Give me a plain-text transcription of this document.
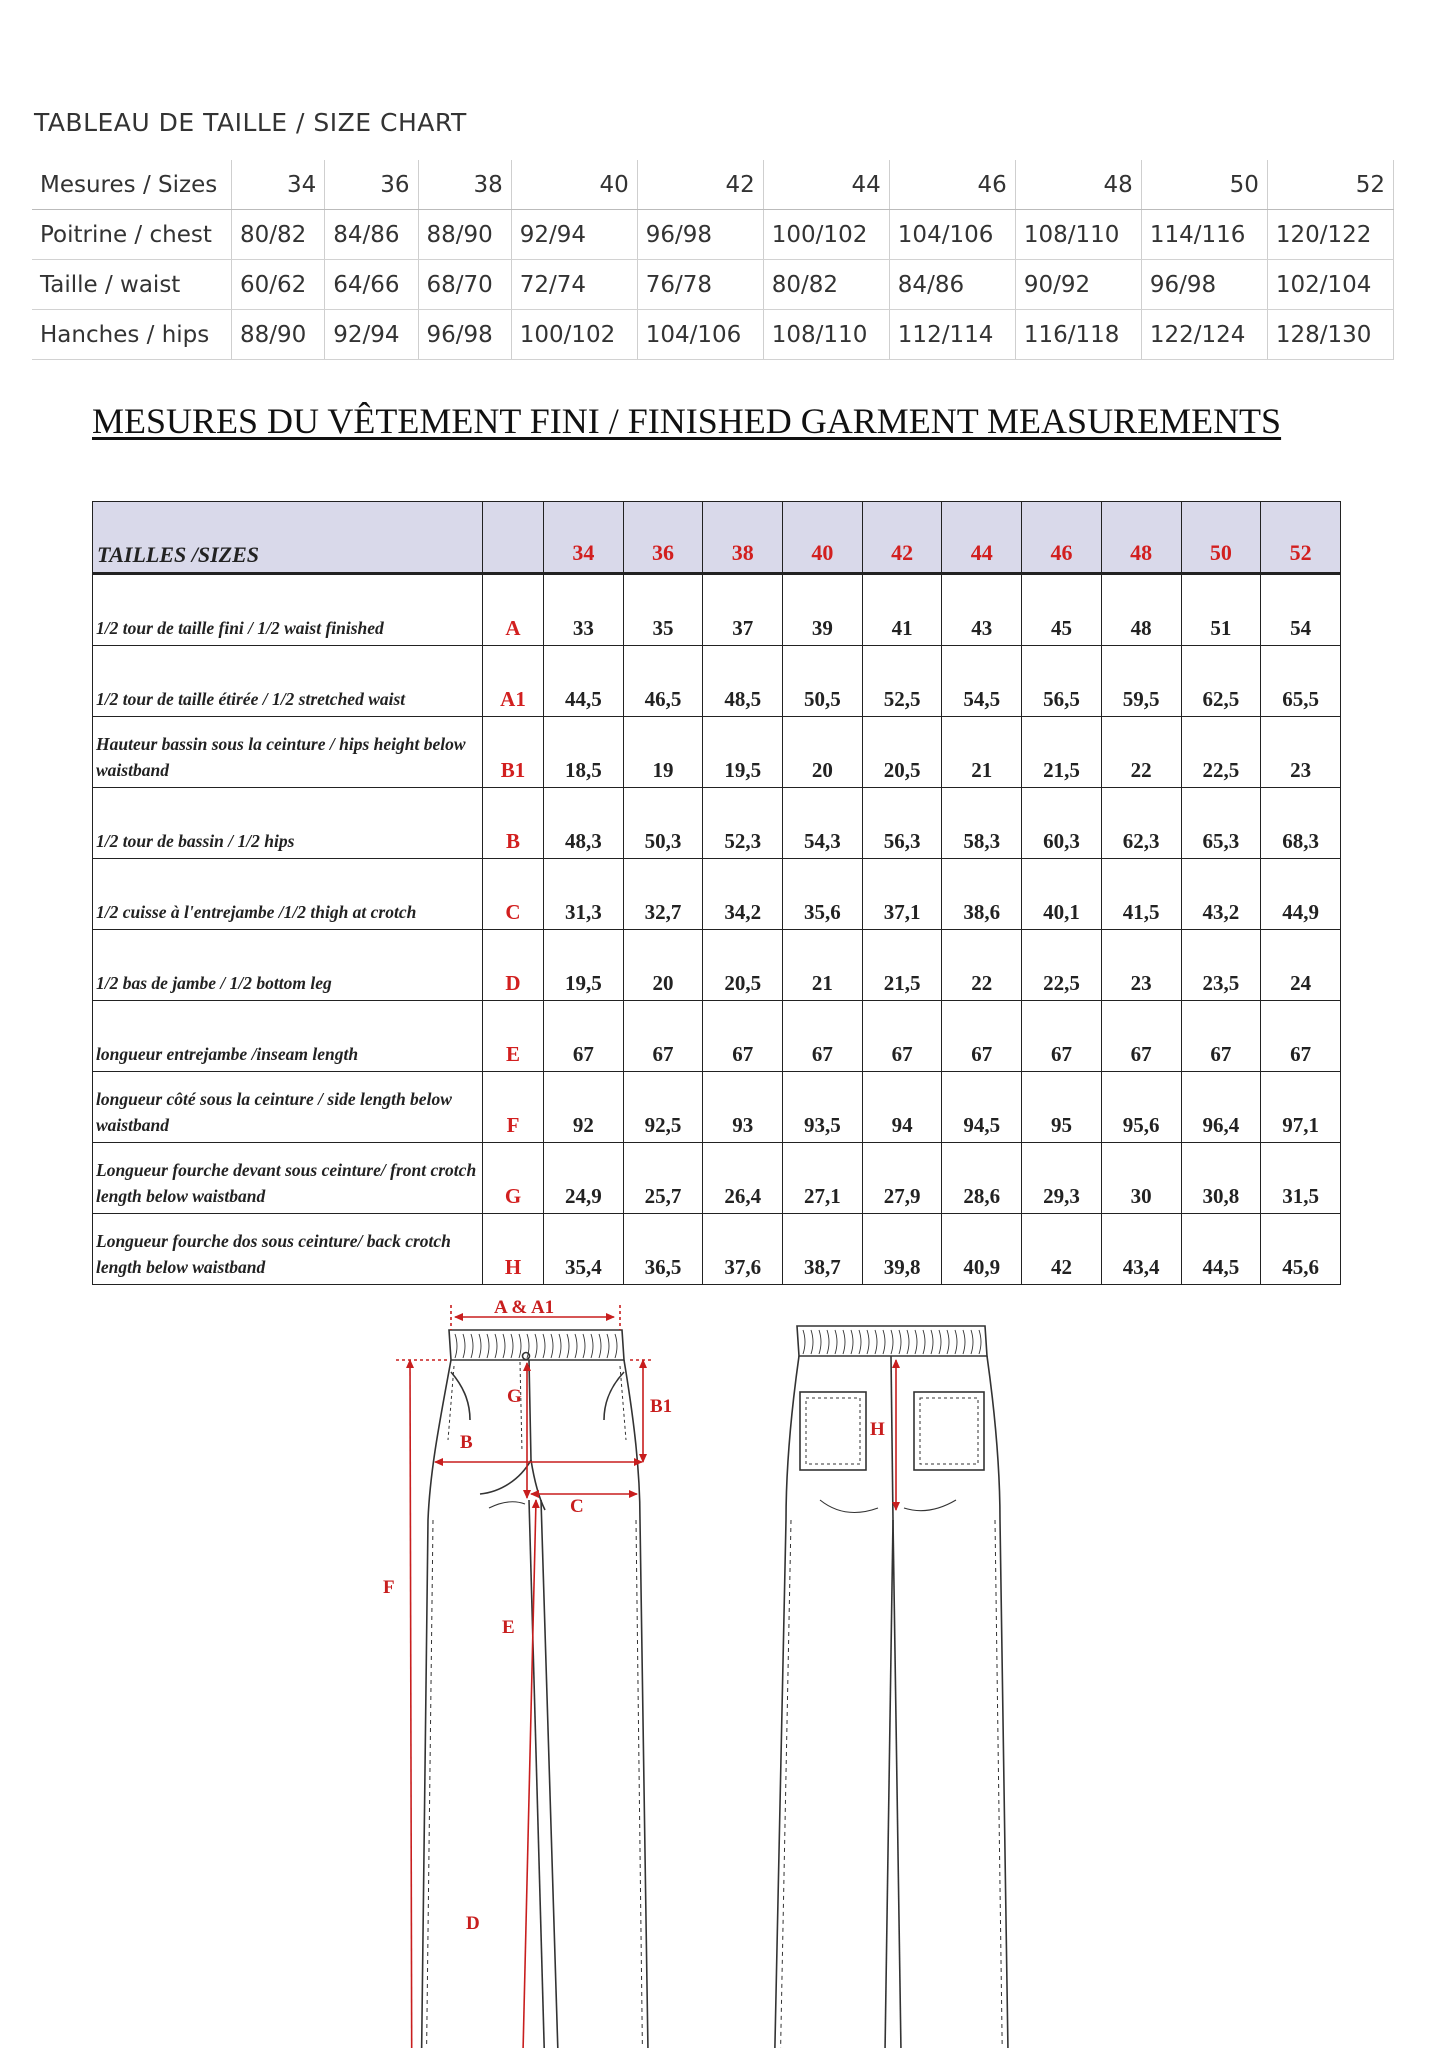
TABLEAU DE TAILLE / SIZE CHART
Mesures / Sizes	34	36	38	40	42	44	46	48	50	52
Poitrine / chest	80/82	84/86	88/90	92/94	96/98	100/102	104/106	108/110	114/116	120/122
Taille / waist	60/62	64/66	68/70	72/74	76/78	80/82	84/86	90/92	96/98	102/104
Hanches / hips	88/90	92/94	96/98	100/102	104/106	108/110	112/114	116/118	122/124	128/130
MESURES DU VÊTEMENT FINI / FINISHED GARMENT MEASUREMENTS
TAILLES /SIZES		34	36	38	40	42	44	46	48	50	52
1/2 tour de taille fini / 1/2 waist finished	A	33	35	37	39	41	43	45	48	51	54
1/2 tour de taille étirée / 1/2 stretched waist	A1	44,5	46,5	48,5	50,5	52,5	54,5	56,5	59,5	62,5	65,5
Hauteur bassin sous la ceinture / hips height below waistband	B1	18,5	19	19,5	20	20,5	21	21,5	22	22,5	23
1/2 tour de bassin / 1/2 hips	B	48,3	50,3	52,3	54,3	56,3	58,3	60,3	62,3	65,3	68,3
1/2 cuisse à l'entrejambe /1/2 thigh at crotch	C	31,3	32,7	34,2	35,6	37,1	38,6	40,1	41,5	43,2	44,9
1/2 bas de jambe / 1/2 bottom leg	D	19,5	20	20,5	21	21,5	22	22,5	23	23,5	24
longueur entrejambe /inseam length	E	67	67	67	67	67	67	67	67	67	67
longueur côté sous la ceinture / side length below waistband	F	92	92,5	93	93,5	94	94,5	95	95,6	96,4	97,1
Longueur fourche devant sous ceinture/ front crotch length below waistband	G	24,9	25,7	26,4	27,1	27,9	28,6	29,3	30	30,8	31,5
Longueur fourche dos sous ceinture/ back crotch length below waistband	H	35,4	36,5	37,6	38,7	39,8	40,9	42	43,4	44,5	45,6
A & A1
B1
G
B
C
F
E
H
D
